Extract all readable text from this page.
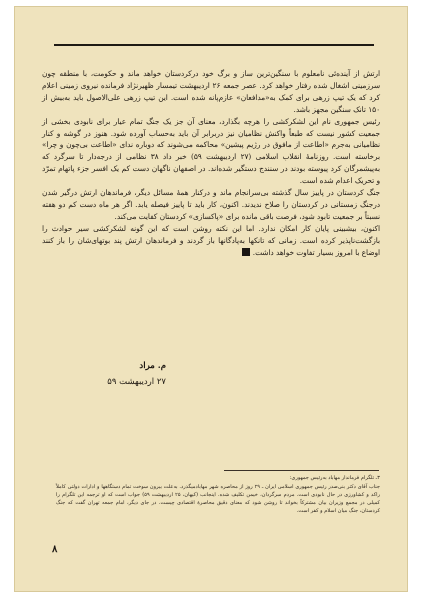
ارتش از آینده‌ئی نامعلوم با سنگین‌ترین ساز و برگ خود درکردستان خواهد ماند و حکومت، با منطقه چون سرزمینی اشغال شده رفتار خواهد کرد. عصر جمعه ۲۶ اردیبهشت تیمسار ظهیرنژاد فرمانده نیروی زمینی اعلام کرد که یک تیپ زرهی برای کمک به«مدافعان» عازم‌پانه شده است. این تیپ زرهی علی‌الاصول باید به‌بیش از ۱۵۰ تانک سنگین مجهز باشد.

رئیس جمهوری نام این لشکرکشی را هرچه بگذارد، معنای آن جز یک جنگ تمام عیار برای نابودی بخشی از جمعیت کشور نیست که طبعاً واکنش نظامیان نیز دربرابر آن باید به‌حساب آورده شود. هنوز در گوشه و کنار نظامیانی به‌جرم «اطاعت از مافوق در رژیم پیشین» محاکمه می‌شوند که دوباره ندای «اطاعت بی‌چون و چرا» برخاسته است. روزنامهٔ انقلاب اسلامی (۲۷ اردیبهشت ۵۹) خبر داد ۳۸ نظامی از درجه‌دار تا سرگرد که به‌پیشمرگان کرد پیوسته بودند در سنندج دستگیر شده‌اند. در اصفهان ناگهان دست کم یک افسر جزء پاتهام تمرّد و تحریک اعدام شده است.

جنگ کردستان در پاییز سال گذشته بی‌سرانجام ماند و درکنار همهٔ مسائل دیگر، فرماندهان ارتش درگیر شدن درجنگ زمستانی در کردستان را صلاح ندیدند. اکنون، کار باید تا پاییز فیصله یابد. اگر هر ماه دست کم دو هفته نسبتاً بر جمعیت تابود شود، فرصت باقی مانده برای «پاکسازی» کردستان کفایت می‌کند.

اکنون، بیشبینی پایان کار امکان ندارد. اما این نکته روشن است که این گونه لشکرکشی سیر حوادث را بازگشت‌ناپذیر کرده است. زمانی که تانکها به‌پادگانها باز گردند و فرماندهان ارتش پند بوتهای‌شان را باز کنند اوضاع با امروز بسیار تفاوت خواهد داشت.

م. مراد
۲۷ اردیبهشت ۵۹

۳ـ تلگرام فرماندار مهاباد به‌رئیس جمهوری:

جناب آقای دکتر بنی‌صدر رئیس جمهوری اسلامی ایران ـ ۲۹ روز از محاصره شهر مهاباد‌میگذرد. به‌علت بیرون سوخت تمام دستگاهها و ادارات دولتی کاملاً راکد و کشاورزی در حال نابودی است. مردم سرگردان، خیمن تکلیف شده. اینجانب (کیهان، ۲۵ اردیبهشت ۵۹) جواب است که او ترجمه این تلگرام را کمیلی در مجمع وزیران بیان مشترکاً بخواند تا روشن شود که معنای دقیق محاصرهٔ اقتصادی چیست. در جای دیگر، امام جمعه تهران گفت که جنگ کردستان، جنگ میان اسلام و کفر است.

۸
